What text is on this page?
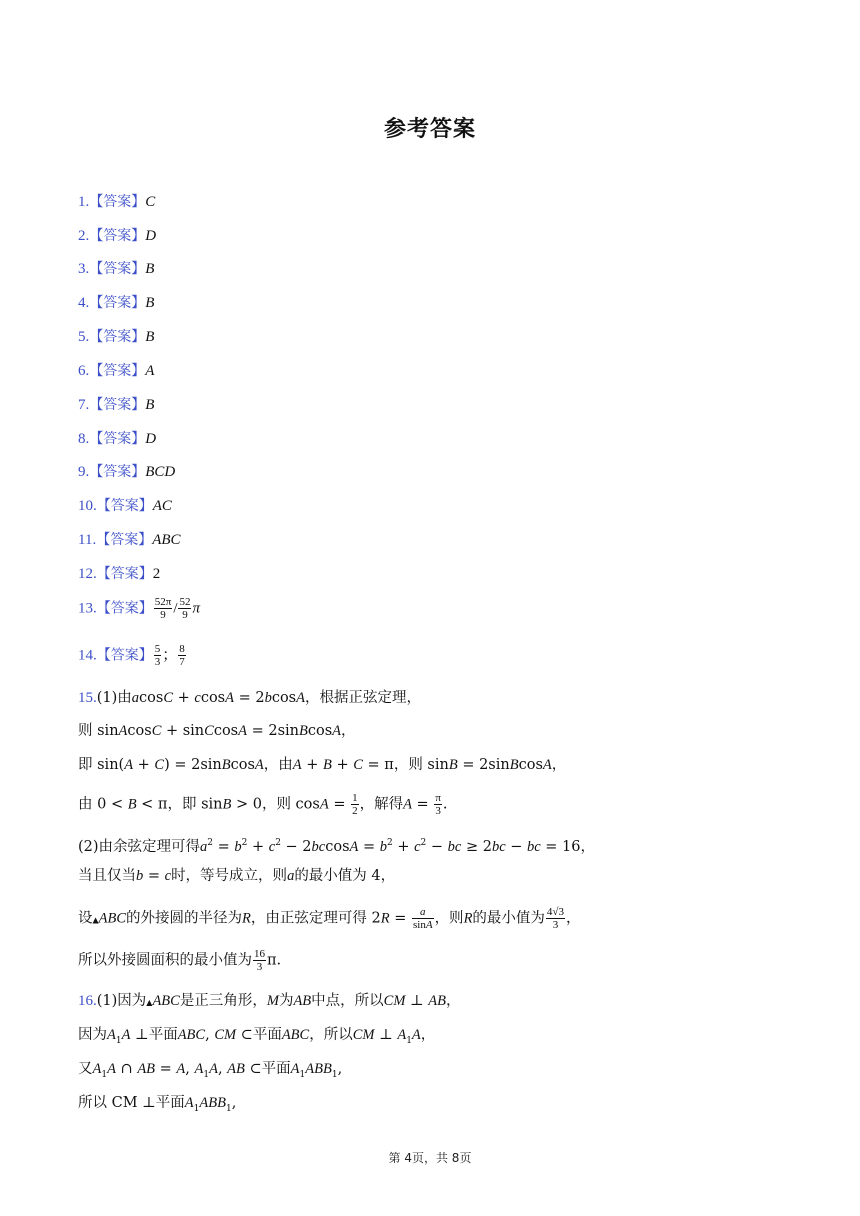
参考答案
1.【答案】C
2.【答案】D
3.【答案】B
4.【答案】B
5.【答案】B
6.【答案】A
7.【答案】B
8.【答案】D
9.【答案】BCD
10.【答案】AC
11.【答案】ABC
12.【答案】2
13.【答案】 $\frac{52\pi}{9} / \frac{52}{9}$ π
14.【答案】 $\frac{5}{3}$ ； $\frac{8}{7}$
15.(1)由acosC + ccosA = 2bcosA，根据正弦定理，
则 sinAcosC + sinCcosA = 2sinBcosA，
即 sin(A + C) = 2sinBcosA，由A + B + C = π，则 sinB = 2sinBcosA，
由 0 < B < π，即 sinB > 0，则 $\cos A = \frac{1}{2}$ ，解得$A = \frac{\pi}{3}$ .
(2)由余弦定理可得$a^2 = b^2 + c^2 - 2bccosA = b^2 + c^2$ − bc ≥ 2bc − bc = 16，
当且仅当b = c时，等号成立，则a的最小值为 4，
设▲ABC的外接圆的半径为R，由正弦定理可得 $2R = \frac{a}{\sin A}$ ，则R的最小值为 $\frac{4√3}{3}$ ，
所以外接圆面积的最小值为 $\frac{16}{3} \pi$.
16.(1)因为▲ABC是正三角形，M为AB中点，所以CM ⊥ AB，
因为$A_1A$ ⊥平面ABC, CM ⊂平面ABC，所以CM ⊥ $A_1A$，
又$A_1A$ ∩ AB = A, $A_1A$, AB ⊂平面$A_1ABB_1$,
所以 CM ⊥平面$A_1ABB_1$,
第 4页，共 8页
